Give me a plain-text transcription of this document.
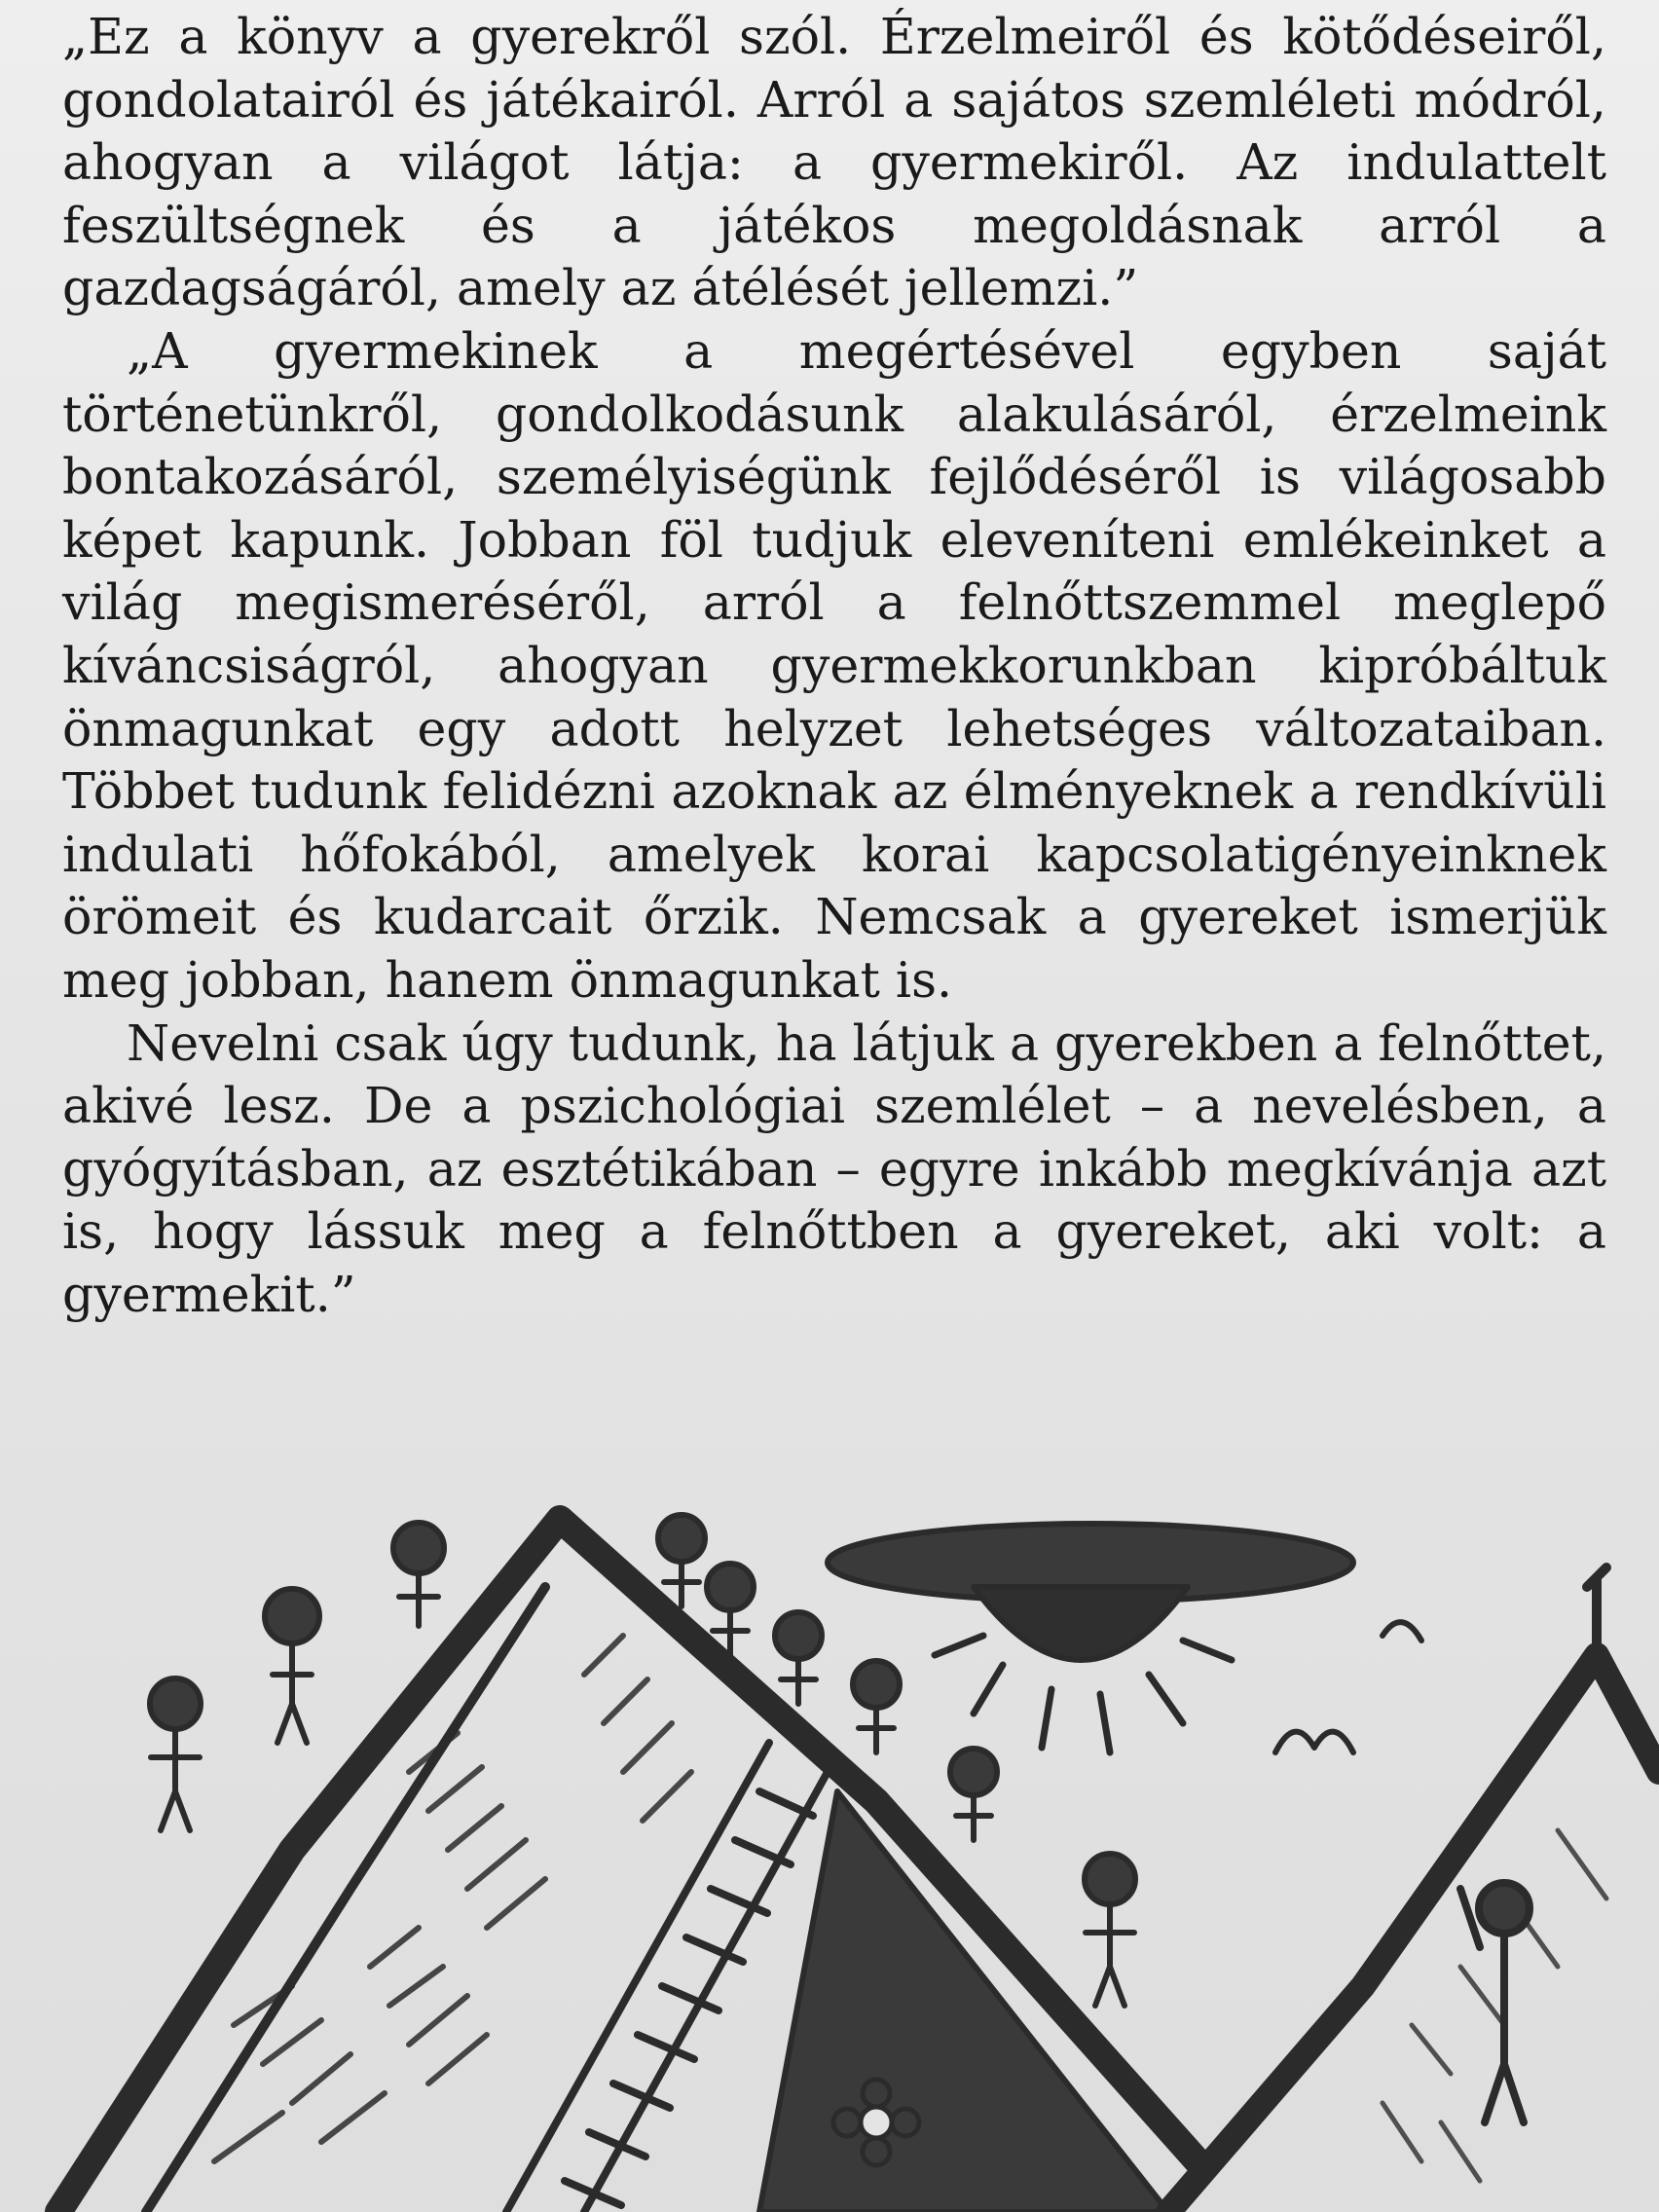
„Ez a könyv a gyerekről szól. Érzelmeiről és kötődéseiről, gondolatairól és játékairól. Arról a sajátos szemléleti módról, ahogyan a világot látja: a gyermekiről. Az indulattelt feszültségnek és a játékos megoldásnak arról a gazdagságáról, amely az átélését jellemzi.”

„A gyermekinek a megértésével egyben saját történetünkről, gondolkodásunk alakulásáról, érzelmeink bontakozásáról, személyiségünk fejlődéséről is világosabb képet kapunk. Jobban föl tudjuk eleveníteni emlékeinket a világ megismeréséről, arról a felnőttszemmel meglepő kíváncsiságról, ahogyan gyermekkorunkban kipróbáltuk önmagunkat egy adott helyzet lehetséges változataiban. Többet tudunk felidézni azoknak az élményeknek a rendkívüli indulati hőfokából, amelyek korai kapcsolatigényeinknek örömeit és kudarcait őrzik. Nemcsak a gyereket ismerjük meg jobban, hanem önmagunkat is.

Nevelni csak úgy tudunk, ha látjuk a gyerekben a felnőttet, akivé lesz. De a pszichológiai szemlélet – a nevelésben, a gyógyításban, az esztétikában – egyre inkább megkívánja azt is, hogy lássuk meg a felnőttben a gyereket, aki volt: a gyermekit.”
